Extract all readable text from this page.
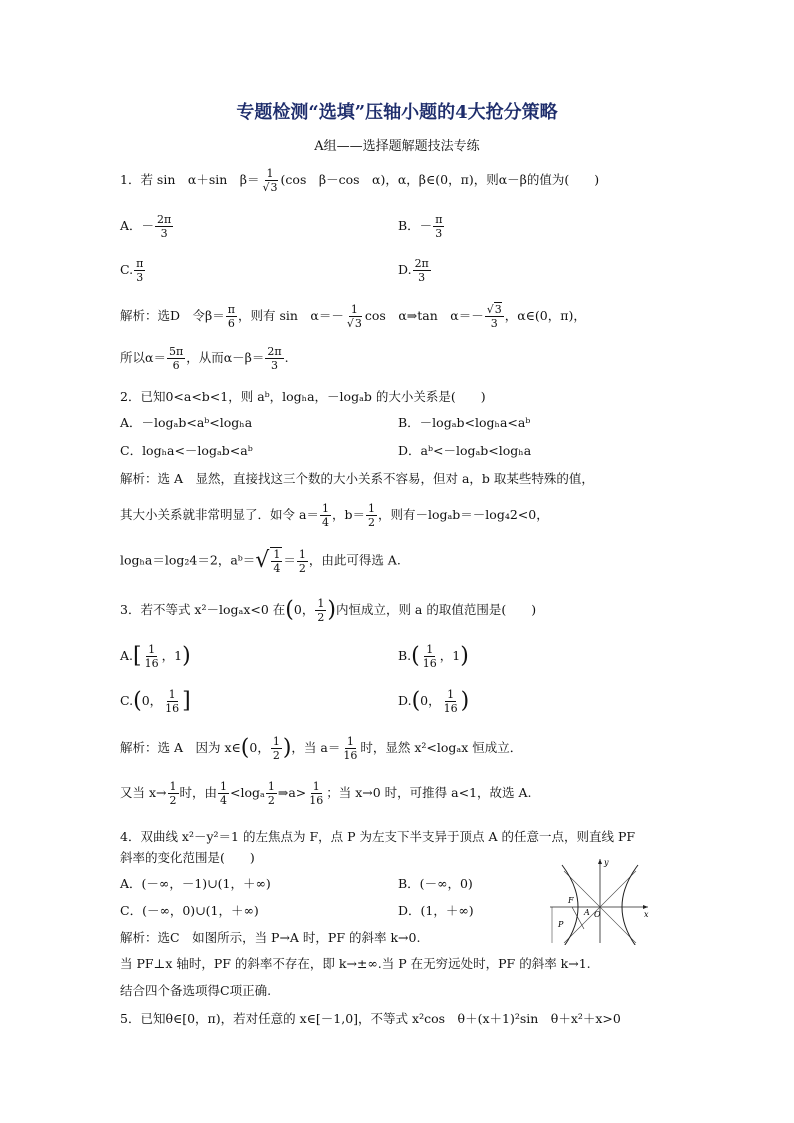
专题检测“选填”压轴小题的4大抢分策略
A组——选择题解题技法专练
1．若 sin　α＋sin　$\beta= \frac{1}{√3} (\cos$　β－cos　α)，α，β∈(0，π)，则α－β的值为(　　)
A．－ $\frac{2\pi}{3}$	B．－ $\frac{\pi}{3}$
C. $\frac{\pi}{3}$	D. $\frac{2\pi}{3}$
解析：选D　令$\beta= \frac{\pi}{6}$ ，则有 sin　$\alpha=- \frac{1}{√3}$ cos　α⇒tan　$\alpha=- \frac{√3}{3}$ ，α∈(0，π)，
所以$\alpha= \frac{5\pi}{6}$ ，从而$\alpha-\beta= \frac{2\pi}{3}$ .
2．已知0<a<b<1，则 aᵇ，logₕa，－logₐb 的大小关系是(　　)
A．－logₐb<aᵇ<logₕa	B．－logₐb<logₕa<aᵇ
C．logₕa<－logₐb<aᵇ	D．aᵇ<－logₐb<logₕa
解析：选 A　显然，直接找这三个数的大小关系不容易，但对 a，b 取某些特殊的值，
其大小关系就非常明显了．如令 $a= \frac{1}{4}$ ，$b= \frac{1}{2}$ ，则有－logₐb＝－log₄2<0，
logₕa＝log₂4＝2，aᵇ＝√ $\frac{1}{4} = \frac{1}{2}$ ，由此可得选 A.
3．若不等式 x²－logₐx<0 在(0， $\frac{1}{2}$ )内恒成立，则 a 的取值范围是(　　)
$A.[ \frac{1}{16}$ ，1)	$B.( \frac{1}{16}$ ，1)
C.(0， $\frac{1}{16}$ ]	D.(0， $\frac{1}{16}$ )
解析：选 A　因为 x∈(0， $\frac{1}{2}$ )，当 $a= \frac{1}{16}$ 时，显然 x²<logₐx 恒成立．
又当 $x\to \frac{1}{2}$ 时，由 $\frac{1}{4} <\log_a \frac{1}{2}$ ⇒a> $\frac{1}{16}$ ；当 x→0 时，可推得 a<1，故选 A.
4．双曲线 x²－y²＝1 的左焦点为 F，点 P 为左支下半支异于顶点 A 的任意一点，则直线 PF
斜率的变化范围是(　　)
A．(－∞，－1)∪(1，＋∞)	B．(－∞，0)
C．(－∞，0)∪(1，＋∞)	D．(1，＋∞)
解析：选C　如图所示，当 P→A 时，PF 的斜率 k→0.
当 PF⊥x 轴时，PF 的斜率不存在，即 k→±∞.当 P 在无穷远处时，PF 的斜率 k→1.
结合四个备选项得C项正确.
y
x
F
A O
P
5．已知θ∈[0，π)，若对任意的 x∈[－1,0]，不等式 x²cos　θ＋(x＋1)²sin　θ＋x²＋x>0
